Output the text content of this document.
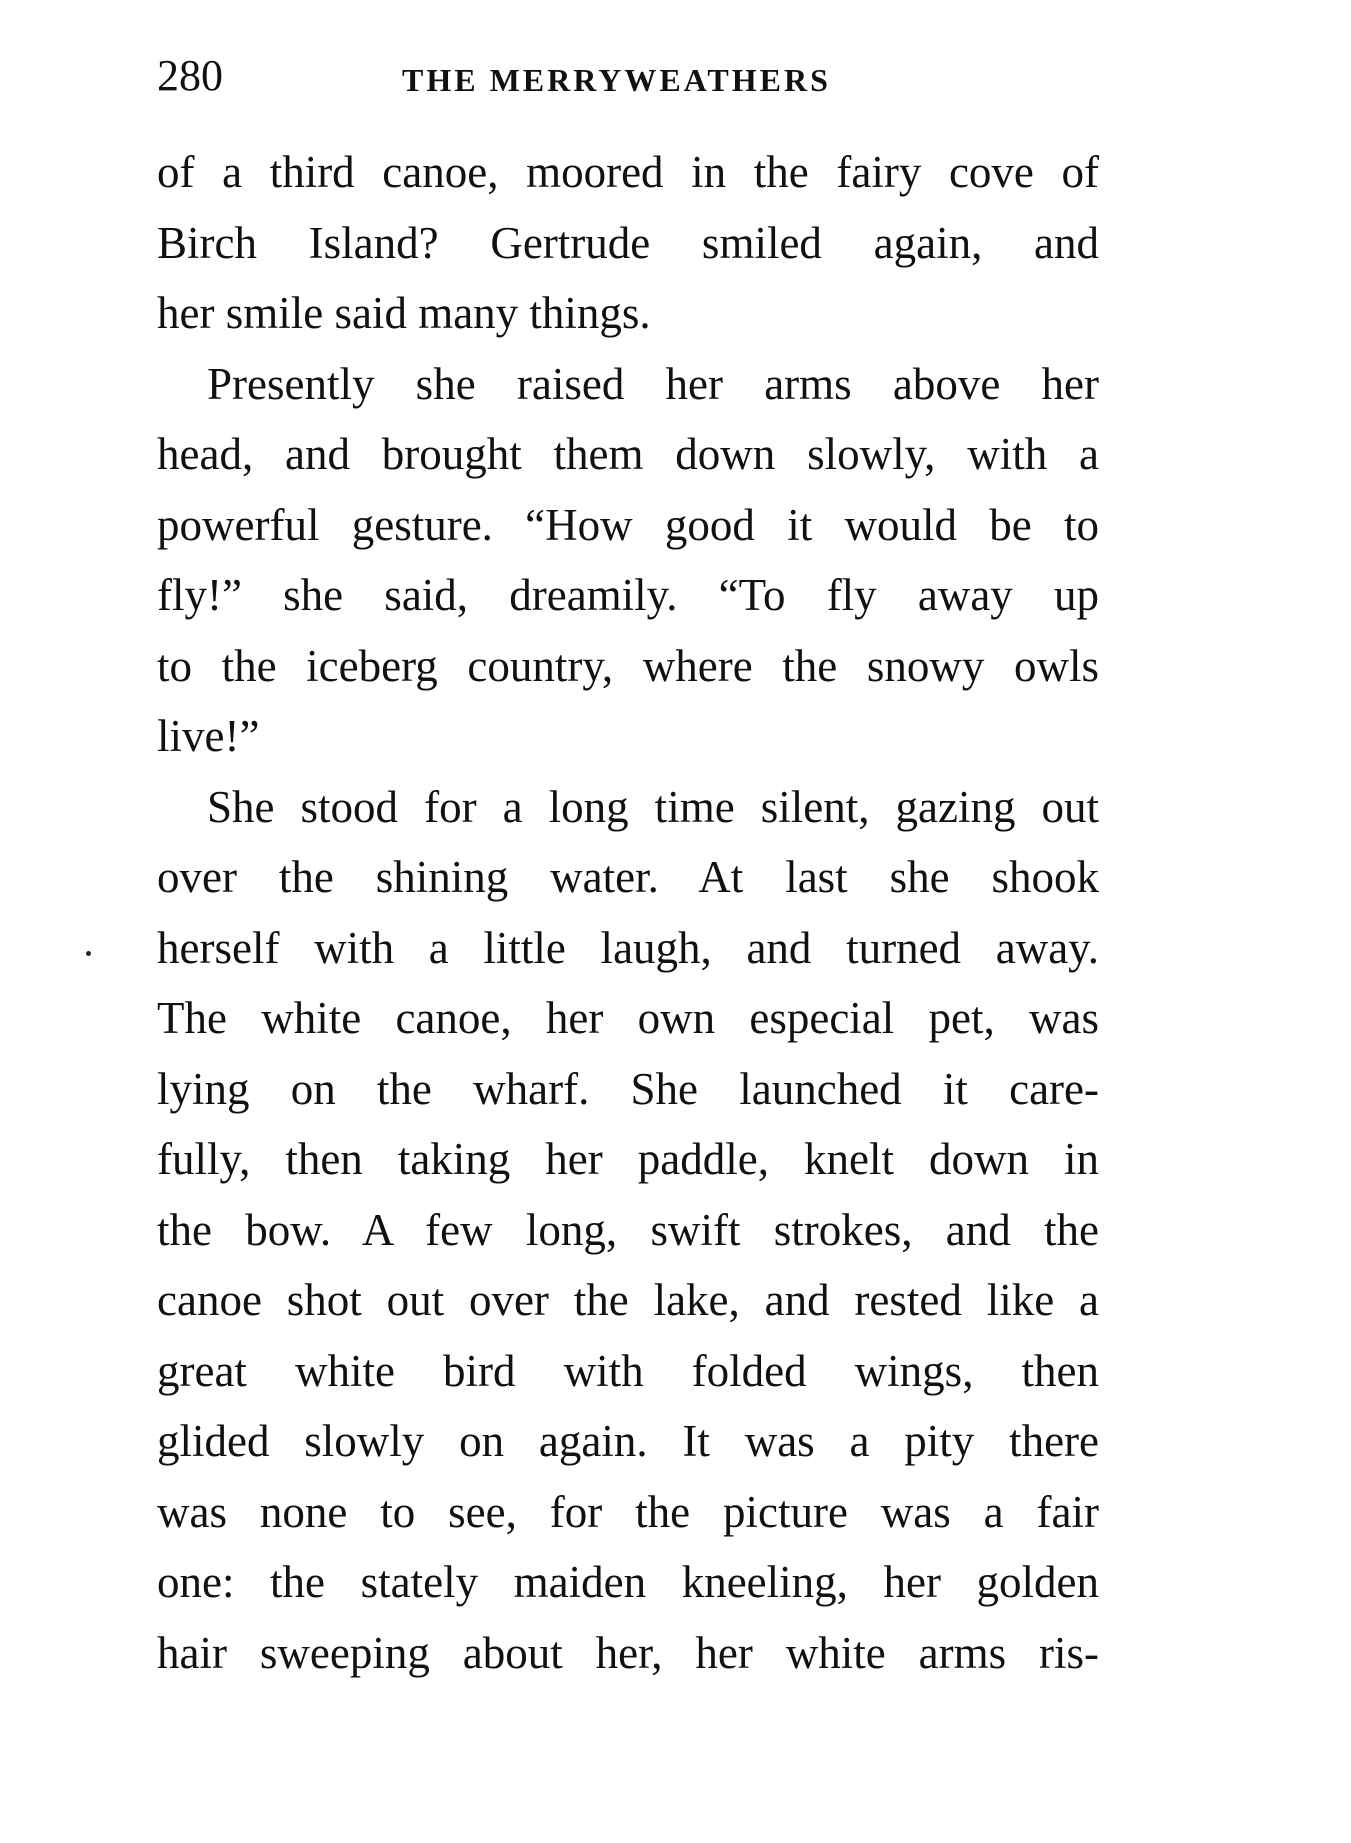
280	THE MERRYWEATHERS
of a third canoe, moored in the fairy cove of
Birch Island? Gertrude smiled again, and
her smile said many things.
Presently she raised her arms above her
head, and brought them down slowly, with a
powerful gesture. “How good it would be to
fly!” she said, dreamily. “To fly away up
to the iceberg country, where the snowy owls
live!”
She stood for a long time silent, gazing out
over the shining water. At last she shook
herself with a little laugh, and turned away.
The white canoe, her own especial pet, was
lying on the wharf. She launched it care-
fully, then taking her paddle, knelt down in
the bow. A few long, swift strokes, and the
canoe shot out over the lake, and rested like a
great white bird with folded wings, then
glided slowly on again. It was a pity there
was none to see, for the picture was a fair
one: the stately maiden kneeling, her golden
hair sweeping about her, her white arms ris-
